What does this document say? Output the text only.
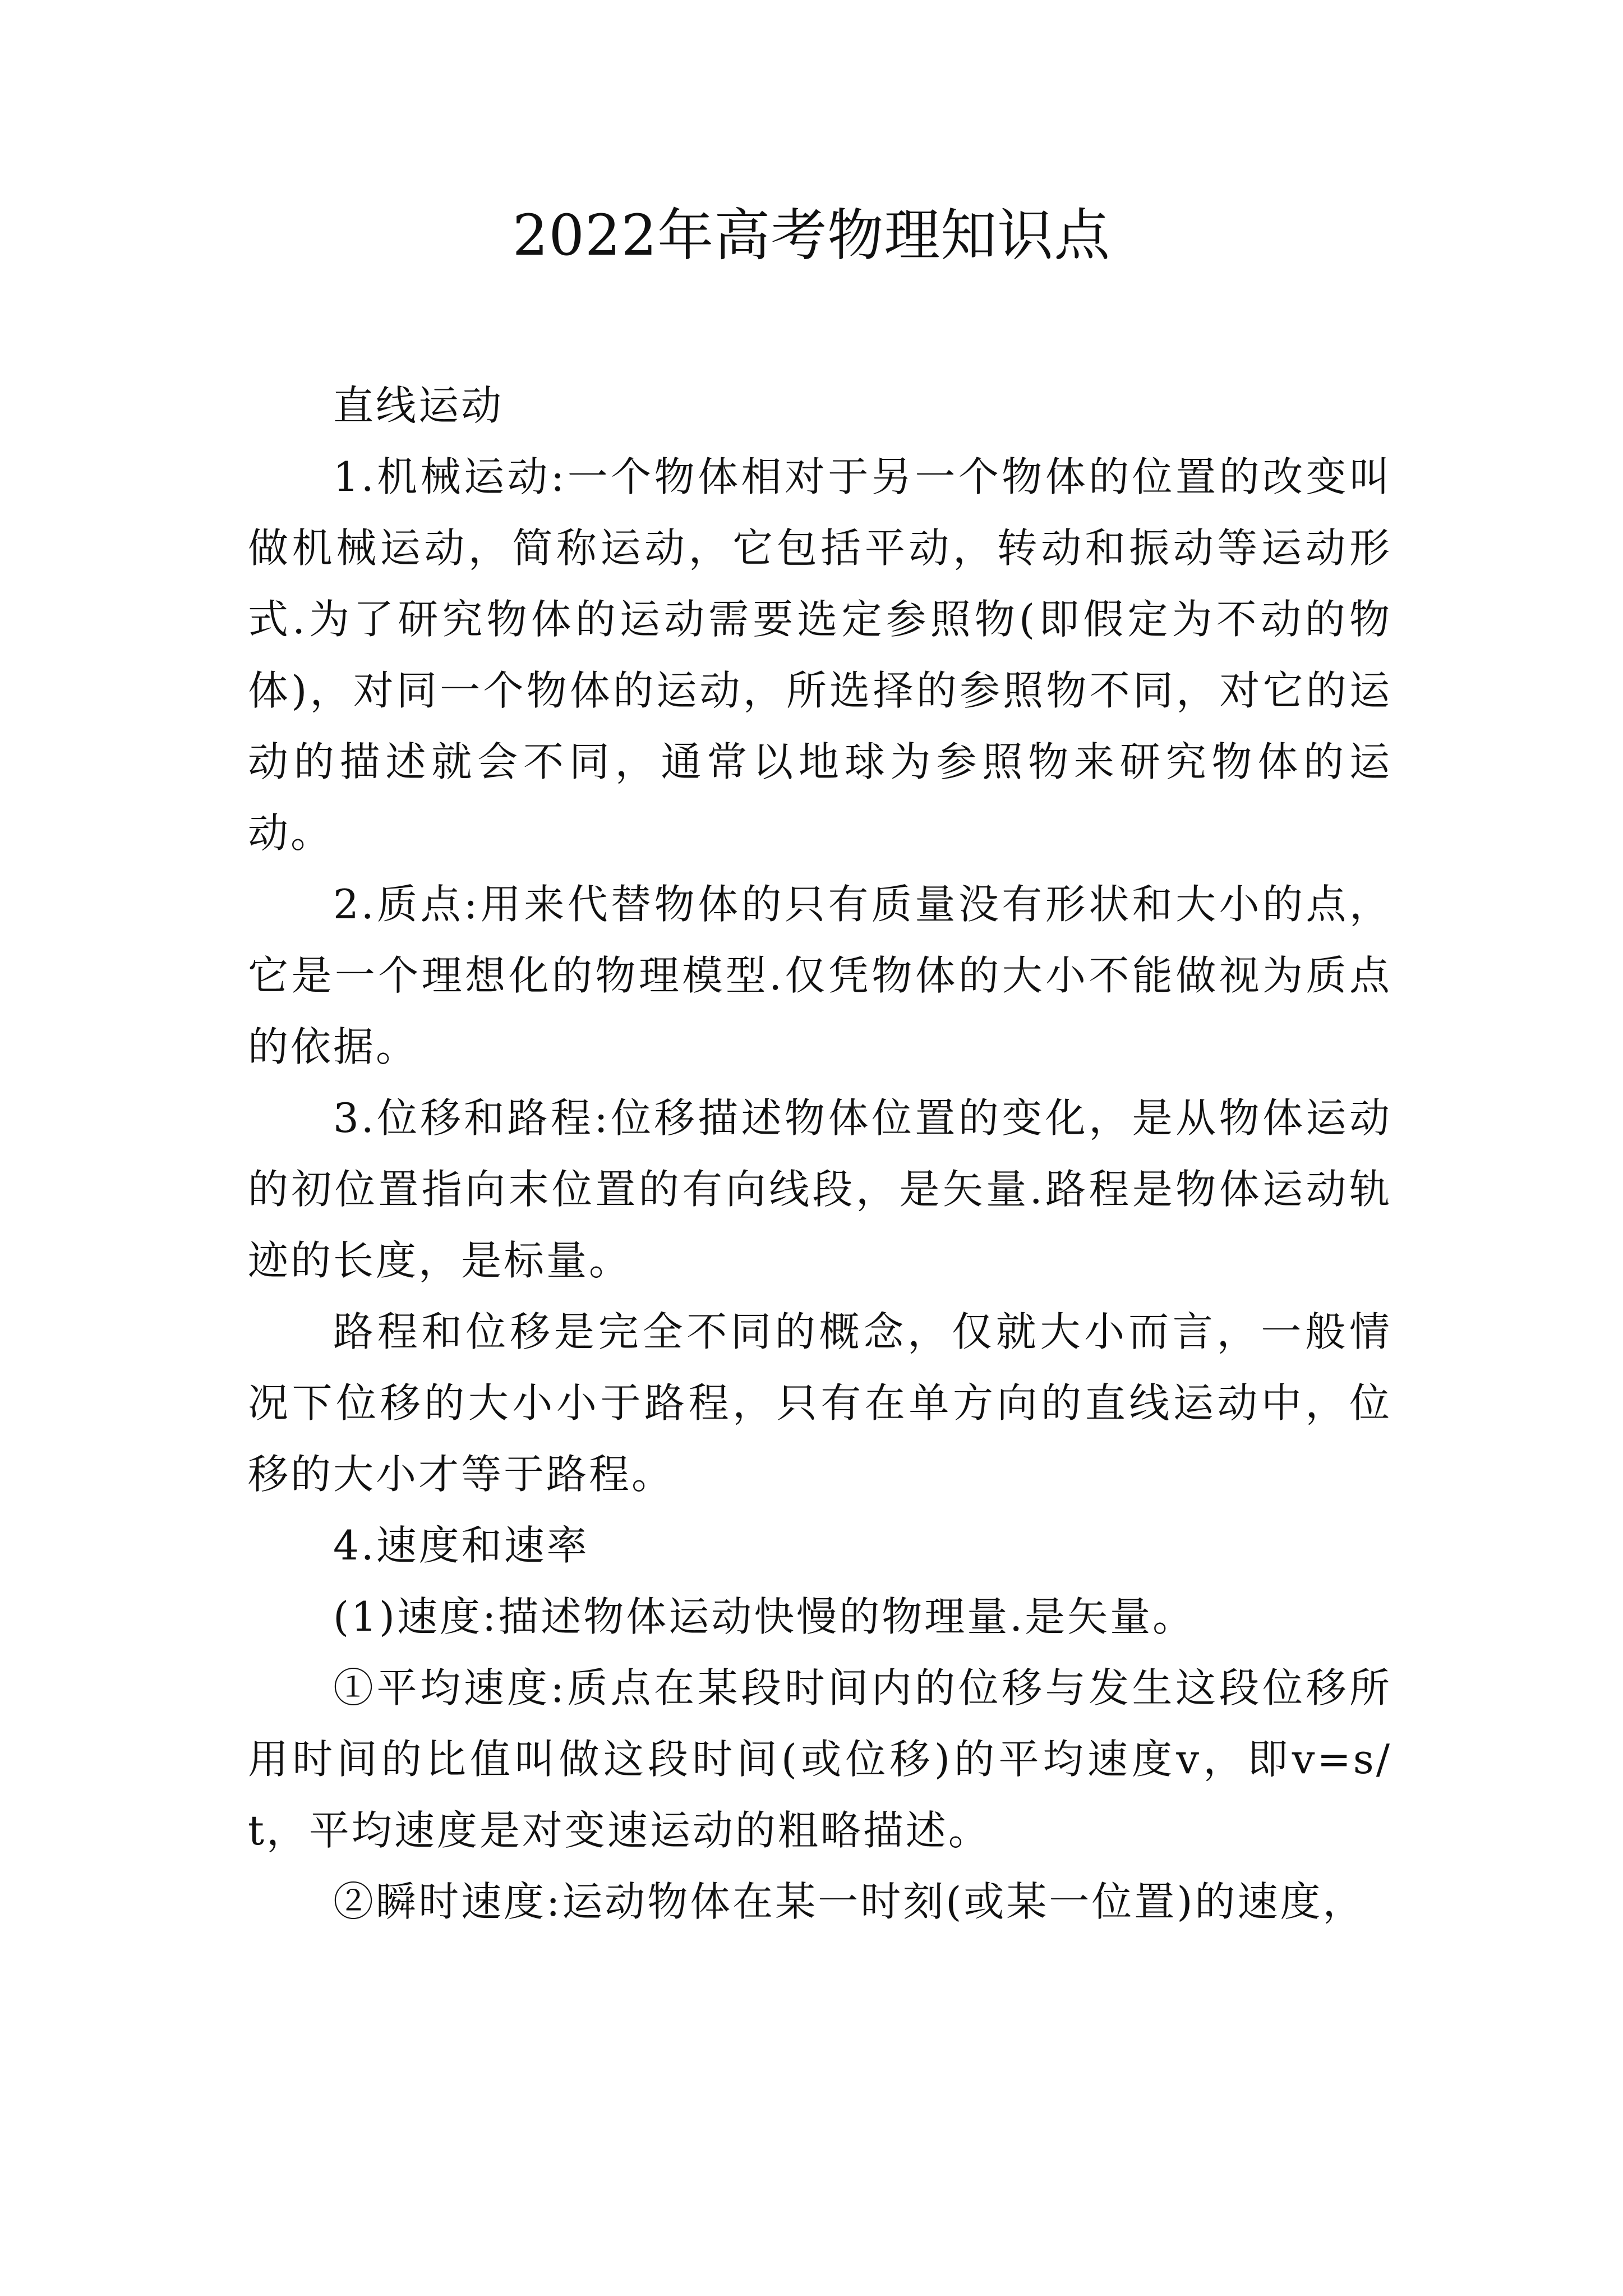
2022年高考物理知识点

直线运动

1.机械运动:一个物体相对于另一个物体的位置的改变叫做机械运动，简称运动，它包括平动，转动和振动等运动形式.为了研究物体的运动需要选定参照物(即假定为不动的物体)，对同一个物体的运动，所选择的参照物不同，对它的运动的描述就会不同，通常以地球为参照物来研究物体的运动。

2.质点:用来代替物体的只有质量没有形状和大小的点，它是一个理想化的物理模型.仅凭物体的大小不能做视为质点的依据。

3.位移和路程:位移描述物体位置的变化，是从物体运动的初位置指向末位置的有向线段，是矢量.路程是物体运动轨迹的长度，是标量。

路程和位移是完全不同的概念，仅就大小而言，一般情况下位移的大小小于路程，只有在单方向的直线运动中，位移的大小才等于路程。

4.速度和速率

(1)速度:描述物体运动快慢的物理量.是矢量。

①平均速度:质点在某段时间内的位移与发生这段位移所用时间的比值叫做这段时间(或位移)的平均速度v，即v=s/t，平均速度是对变速运动的粗略描述。

②瞬时速度:运动物体在某一时刻(或某一位置)的速度，
